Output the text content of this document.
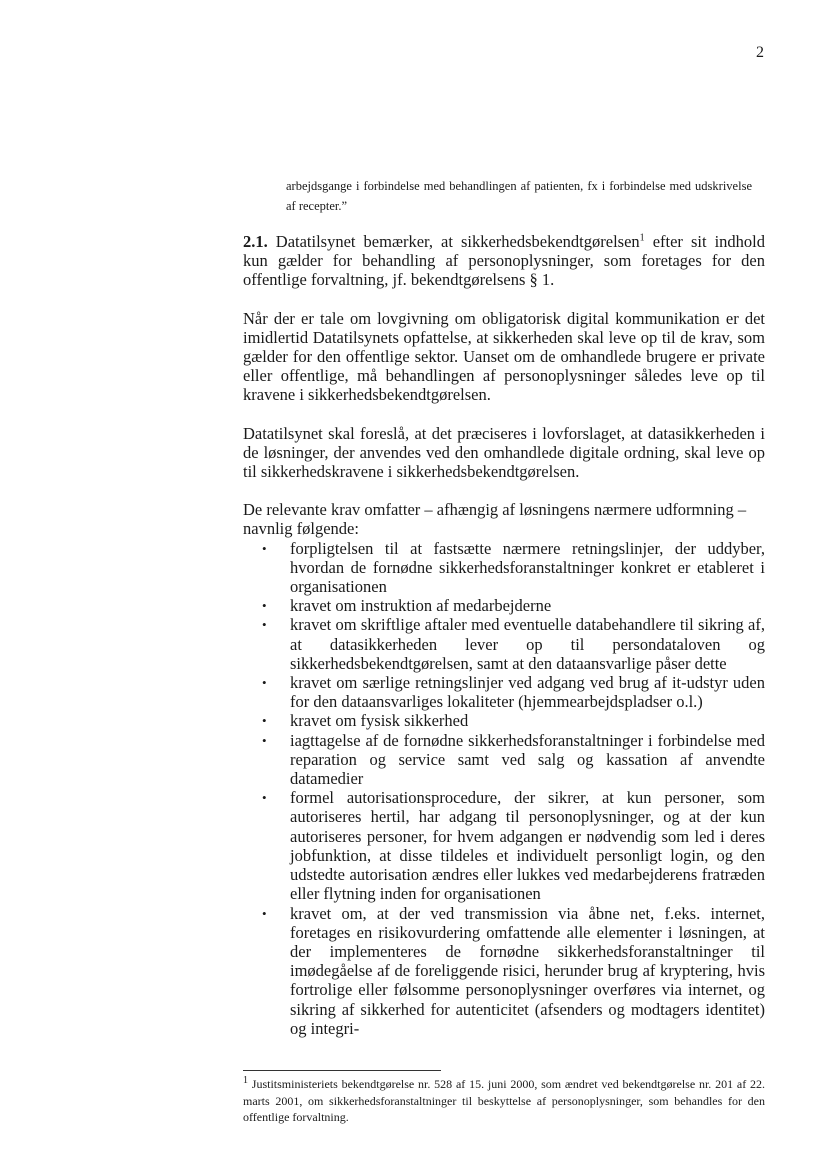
2
arbejdsgange i forbindelse med behandlingen af patienten, fx i forbindelse med udskrivelse af recepter.”

2.1. Datatilsynet bemærker, at sikkerhedsbekendtgørelsen$^1$ efter sit indhold kun gælder for behandling af personoplysninger, som foretages for den offentlige forvaltning, jf. bekendtgørelsens § 1.

Når der er tale om lovgivning om obligatorisk digital kommunikation er det imidlertid Datatilsynets opfattelse, at sikkerheden skal leve op til de krav, som gælder for den offentlige sektor. Uanset om de omhandlede brugere er private eller offentlige, må behandlingen af personoplysninger således leve op til kravene i sikkerhedsbekendtgørelsen.

Datatilsynet skal foreslå, at det præciseres i lovforslaget, at datasikkerheden i de løsninger, der anvendes ved den omhandlede digitale ordning, skal leve op til sikkerhedskravene i sikkerhedsbekendtgørelsen.

De relevante krav omfatter – afhængig af løsningens nærmere udformning – navnlig følgende:
• forpligtelsen til at fastsætte nærmere retningslinjer, der uddyber, hvordan de fornødne sikkerhedsforanstaltninger konkret er etableret i organisationen
• kravet om instruktion af medarbejderne
• kravet om skriftlige aftaler med eventuelle databehandlere til sikring af, at datasikkerheden lever op til persondataloven og sikkerhedsbekendtgørelsen, samt at den dataansvarlige påser dette
• kravet om særlige retningslinjer ved adgang ved brug af it-udstyr uden for den dataansvarliges lokaliteter (hjemmearbejdspladser o.l.)
• kravet om fysisk sikkerhed
• iagttagelse af de fornødne sikkerhedsforanstaltninger i forbindelse med reparation og service samt ved salg og kassation af anvendte datamedier
• formel autorisationsprocedure, der sikrer, at kun personer, som autoriseres hertil, har adgang til personoplysninger, og at der kun autoriseres personer, for hvem adgangen er nødvendig som led i deres jobfunktion, at disse tildeles et individuelt personligt login, og den udstedte autorisation ændres eller lukkes ved medarbejderens fratræden eller flytning inden for organisationen
• kravet om, at der ved transmission via åbne net, f.eks. internet, foretages en risikovurdering omfattende alle elementer i løsningen, at der implementeres de fornødne sikkerhedsforanstaltninger til imødegåelse af de foreliggende risici, herunder brug af kryptering, hvis fortrolige eller følsomme personoplysninger overføres via internet, og sikring af sikkerhed for autenticitet (afsenders og modtagers identitet) og integri-
$^1$ Justitsministeriets bekendtgørelse nr. 528 af 15. juni 2000, som ændret ved bekendtgørelse nr. 201 af 22. marts 2001, om sikkerhedsforanstaltninger til beskyttelse af personoplysninger, som behandles for den offentlige forvaltning.
